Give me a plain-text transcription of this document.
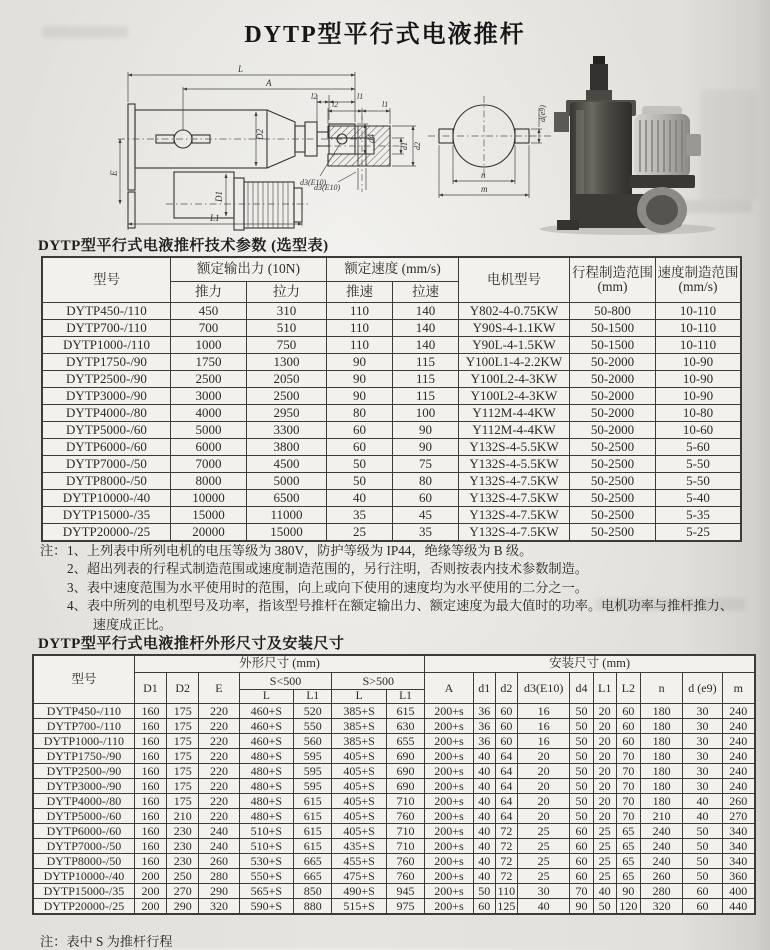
DYTP型平行式电液推杆
L
A
l2	l1
D2
d3(E10)
E
D1
L1
l2	l1
d1 d2
d3(E10)
d(e9)
n
m
DYTP型平行式电液推杆技术参数 (选型表)
型号	额定输出力 (10N)		额定速度 (mm/s)		电机型号	行程制造范围
(mm)	速度制造范围
(mm/s)
	推力	拉力	推速	拉速			
DYTP450-/110	450	310	110	140	Y802-4-0.75KW	50-800	10-110
DYTP700-/110	700	510	110	140	Y90S-4-1.1KW	50-1500	10-110
DYTP1000-/110	1000	750	110	140	Y90L-4-1.5KW	50-1500	10-110
DYTP1750-/90	1750	1300	90	115	Y100L1-4-2.2KW	50-2000	10-90
DYTP2500-/90	2500	2050	90	115	Y100L2-4-3KW	50-2000	10-90
DYTP3000-/90	3000	2500	90	115	Y100L2-4-3KW	50-2000	10-90
DYTP4000-/80	4000	2950	80	100	Y112M-4-4KW	50-2000	10-80
DYTP5000-/60	5000	3300	60	90	Y112M-4-4KW	50-2000	10-60
DYTP6000-/60	6000	3800	60	90	Y132S-4-5.5KW	50-2500	5-60
DYTP7000-/50	7000	4500	50	75	Y132S-4-5.5KW	50-2500	5-50
DYTP8000-/50	8000	5000	50	80	Y132S-4-7.5KW	50-2500	5-50
DYTP10000-/40	10000	6500	40	60	Y132S-4-7.5KW	50-2500	5-40
DYTP15000-/35	15000	11000	35	45	Y132S-4-7.5KW	50-2500	5-35
DYTP20000-/25	20000	15000	25	35	Y132S-4-7.5KW	50-2500	5-25
注： 1、上列表中所列电机的电压等级为 380V，防护等级为 IP44，绝缘等级为 B 级。
2、超出列表的行程式制造范围或速度制造范围的，另行注明，否则按表内技术参数制造。
3、表中速度范围为水平使用时的范围，向上或向下使用的速度均为水平使用的二分之一。
4、表中所列的电机型号及功率，指该型号推杆在额定输出力、额定速度为最大值时的功率。电机功率与推杆推力、速度成正比。
DYTP型平行式电液推杆外形尺寸及安装尺寸
型号	外形尺寸 (mm)							安装尺寸 (mm)									
	D1	D2	E	S<500		S>500		A	d1	d2	d3(E10)	d4	L1	L2	n	d (e9)	m
				L	L1	L	L1										
DYTP450-/110	160	175	220	460+S	520	385+S	615	200+s	36	60	16	50	20	60	180	30	240
DYTP700-/110	160	175	220	460+S	550	385+S	630	200+s	36	60	16	50	20	60	180	30	240
DYTP1000-/110	160	175	220	460+S	560	385+S	655	200+s	36	60	16	50	20	60	180	30	240
DYTP1750-/90	160	175	220	480+S	595	405+S	690	200+s	40	64	20	50	20	70	180	30	240
DYTP2500-/90	160	175	220	480+S	595	405+S	690	200+s	40	64	20	50	20	70	180	30	240
DYTP3000-/90	160	175	220	480+S	595	405+S	690	200+s	40	64	20	50	20	70	180	30	240
DYTP4000-/80	160	175	220	480+S	615	405+S	710	200+s	40	64	20	50	20	70	180	40	260
DYTP5000-/60	160	210	220	480+S	615	405+S	760	200+s	40	64	20	50	20	70	210	40	270
DYTP6000-/60	160	230	240	510+S	615	405+S	710	200+s	40	72	25	60	25	65	240	50	340
DYTP7000-/50	160	230	240	510+S	615	435+S	710	200+s	40	72	25	60	25	65	240	50	340
DYTP8000-/50	160	230	260	530+S	665	455+S	760	200+s	40	72	25	60	25	65	240	50	340
DYTP10000-/40	200	250	280	550+S	665	475+S	760	200+s	40	72	25	60	25	65	260	50	360
DYTP15000-/35	200	270	290	565+S	850	490+S	945	200+s	50	110	30	70	40	90	280	60	400
DYTP20000-/25	200	290	320	590+S	880	515+S	975	200+s	60	125	40	90	50	120	320	60	440
注：表中 S 为推杆行程
